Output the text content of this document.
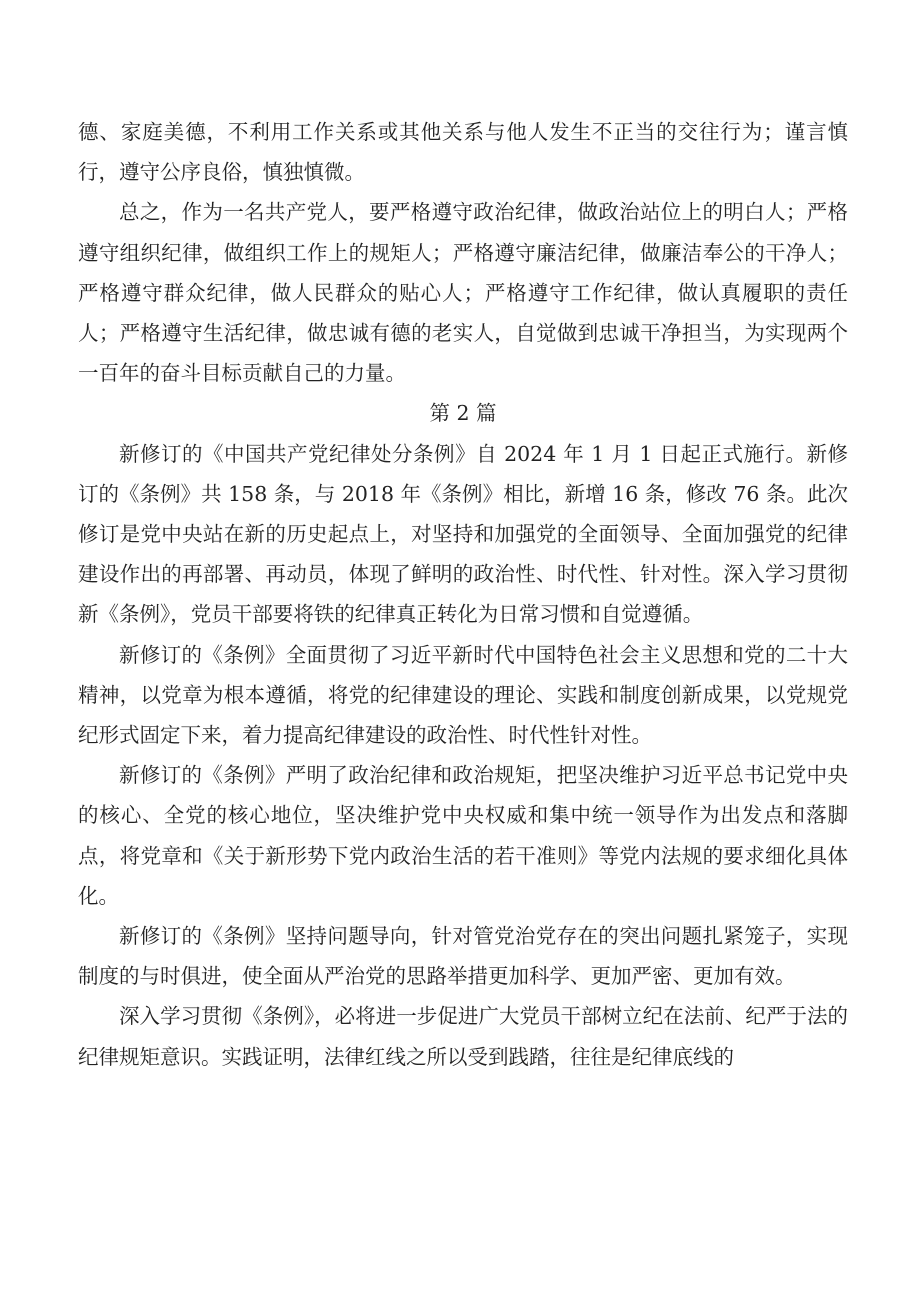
德、家庭美德，不利用工作关系或其他关系与他人发生不正当的交往行为；谨言慎行，遵守公序良俗，慎独慎微。

总之，作为一名共产党人，要严格遵守政治纪律，做政治站位上的明白人；严格遵守组织纪律，做组织工作上的规矩人；严格遵守廉洁纪律，做廉洁奉公的干净人；严格遵守群众纪律，做人民群众的贴心人；严格遵守工作纪律，做认真履职的责任人；严格遵守生活纪律，做忠诚有德的老实人，自觉做到忠诚干净担当，为实现两个一百年的奋斗目标贡献自己的力量。

第 2 篇

新修订的《中国共产党纪律处分条例》自 2024 年 1 月 1 日起正式施行。新修订的《条例》共 158 条，与 2018 年《条例》相比，新增 16 条，修改 76 条。此次修订是党中央站在新的历史起点上，对坚持和加强党的全面领导、全面加强党的纪律建设作出的再部署、再动员，体现了鲜明的政治性、时代性、针对性。深入学习贯彻新《条例》，党员干部要将铁的纪律真正转化为日常习惯和自觉遵循。

新修订的《条例》全面贯彻了习近平新时代中国特色社会主义思想和党的二十大精神，以党章为根本遵循，将党的纪律建设的理论、实践和制度创新成果，以党规党纪形式固定下来，着力提高纪律建设的政治性、时代性针对性。

新修订的《条例》严明了政治纪律和政治规矩，把坚决维护习近平总书记党中央的核心、全党的核心地位，坚决维护党中央权威和集中统一领导作为出发点和落脚点，将党章和《关于新形势下党内政治生活的若干准则》等党内法规的要求细化具体化。

新修订的《条例》坚持问题导向，针对管党治党存在的突出问题扎紧笼子，实现制度的与时俱进，使全面从严治党的思路举措更加科学、更加严密、更加有效。

深入学习贯彻《条例》，必将进一步促进广大党员干部树立纪在法前、纪严于法的纪律规矩意识。实践证明，法律红线之所以受到践踏，往往是纪律底线的
